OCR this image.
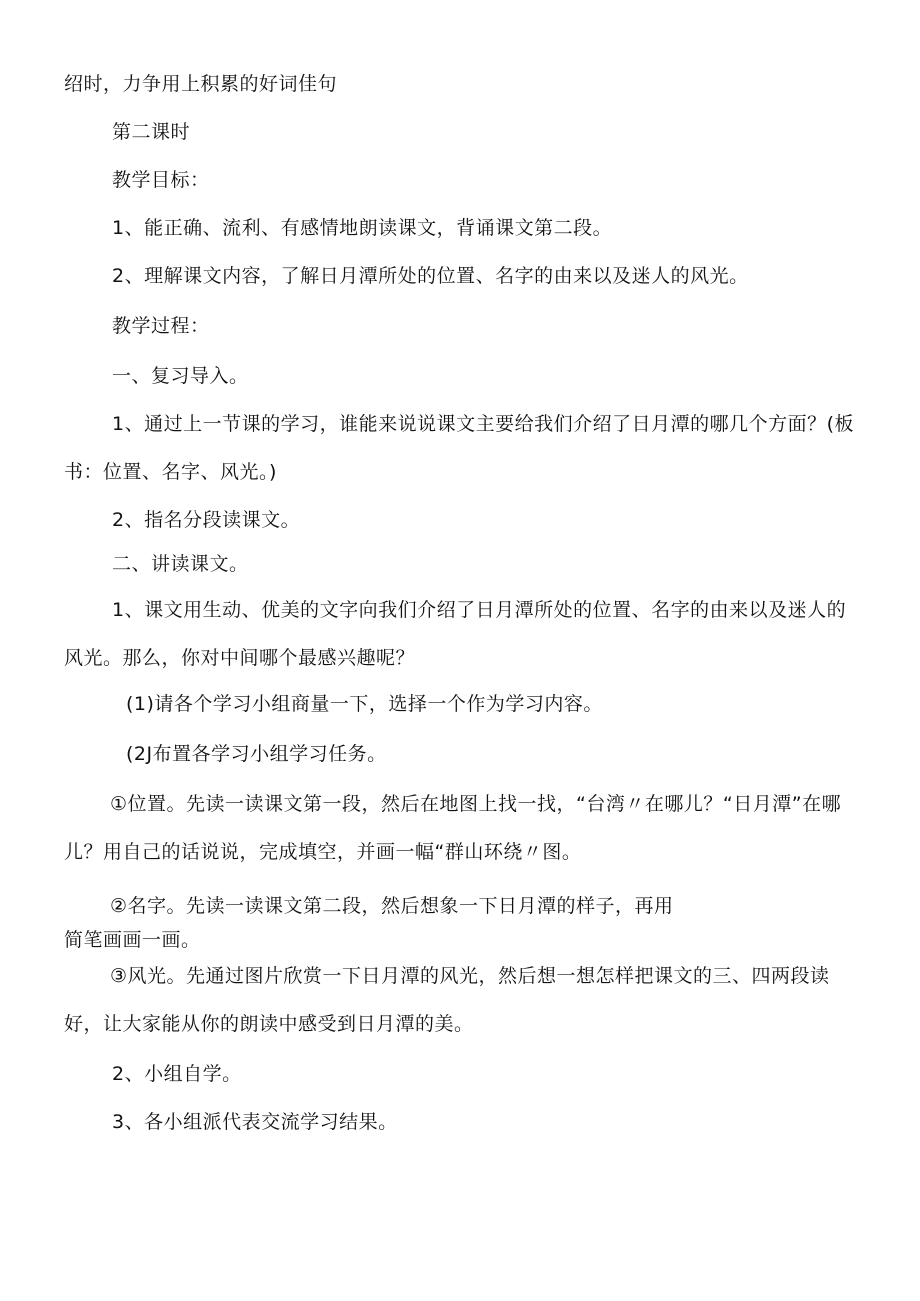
绍时，力争用上积累的好词佳句

第二课时

教学目标：

1、能正确、流利、有感情地朗读课文，背诵课文第二段。

2、理解课文内容，了解日月潭所处的位置、名字的由来以及迷人的风光。

教学过程：

一、复习导入。

1、通过上一节课的学习，谁能来说说课文主要给我们介绍了日月潭的哪几个方面？(板书：位置、名字、风光。)

2、指名分段读课文。

二、讲读课文。

1、课文用生动、优美的文字向我们介绍了日月潭所处的位置、名字的由来以及迷人的风光。那么，你对中间哪个最感兴趣呢？

(1)请各个学习小组商量一下，选择一个作为学习内容。

(2J布置各学习小组学习任务。

①位置。先读一读课文第一段，然后在地图上找一找，“台湾〃在哪儿？“日月潭”在哪儿？用自己的话说说，完成填空，并画一幅“群山环绕〃图。

②名字。先读一读课文第二段，然后想象一下日月潭的样子，再用

简笔画画一画。

③风光。先通过图片欣赏一下日月潭的风光，然后想一想怎样把课文的三、四两段读好，让大家能从你的朗读中感受到日月潭的美。

2、小组自学。

3、各小组派代表交流学习结果。
